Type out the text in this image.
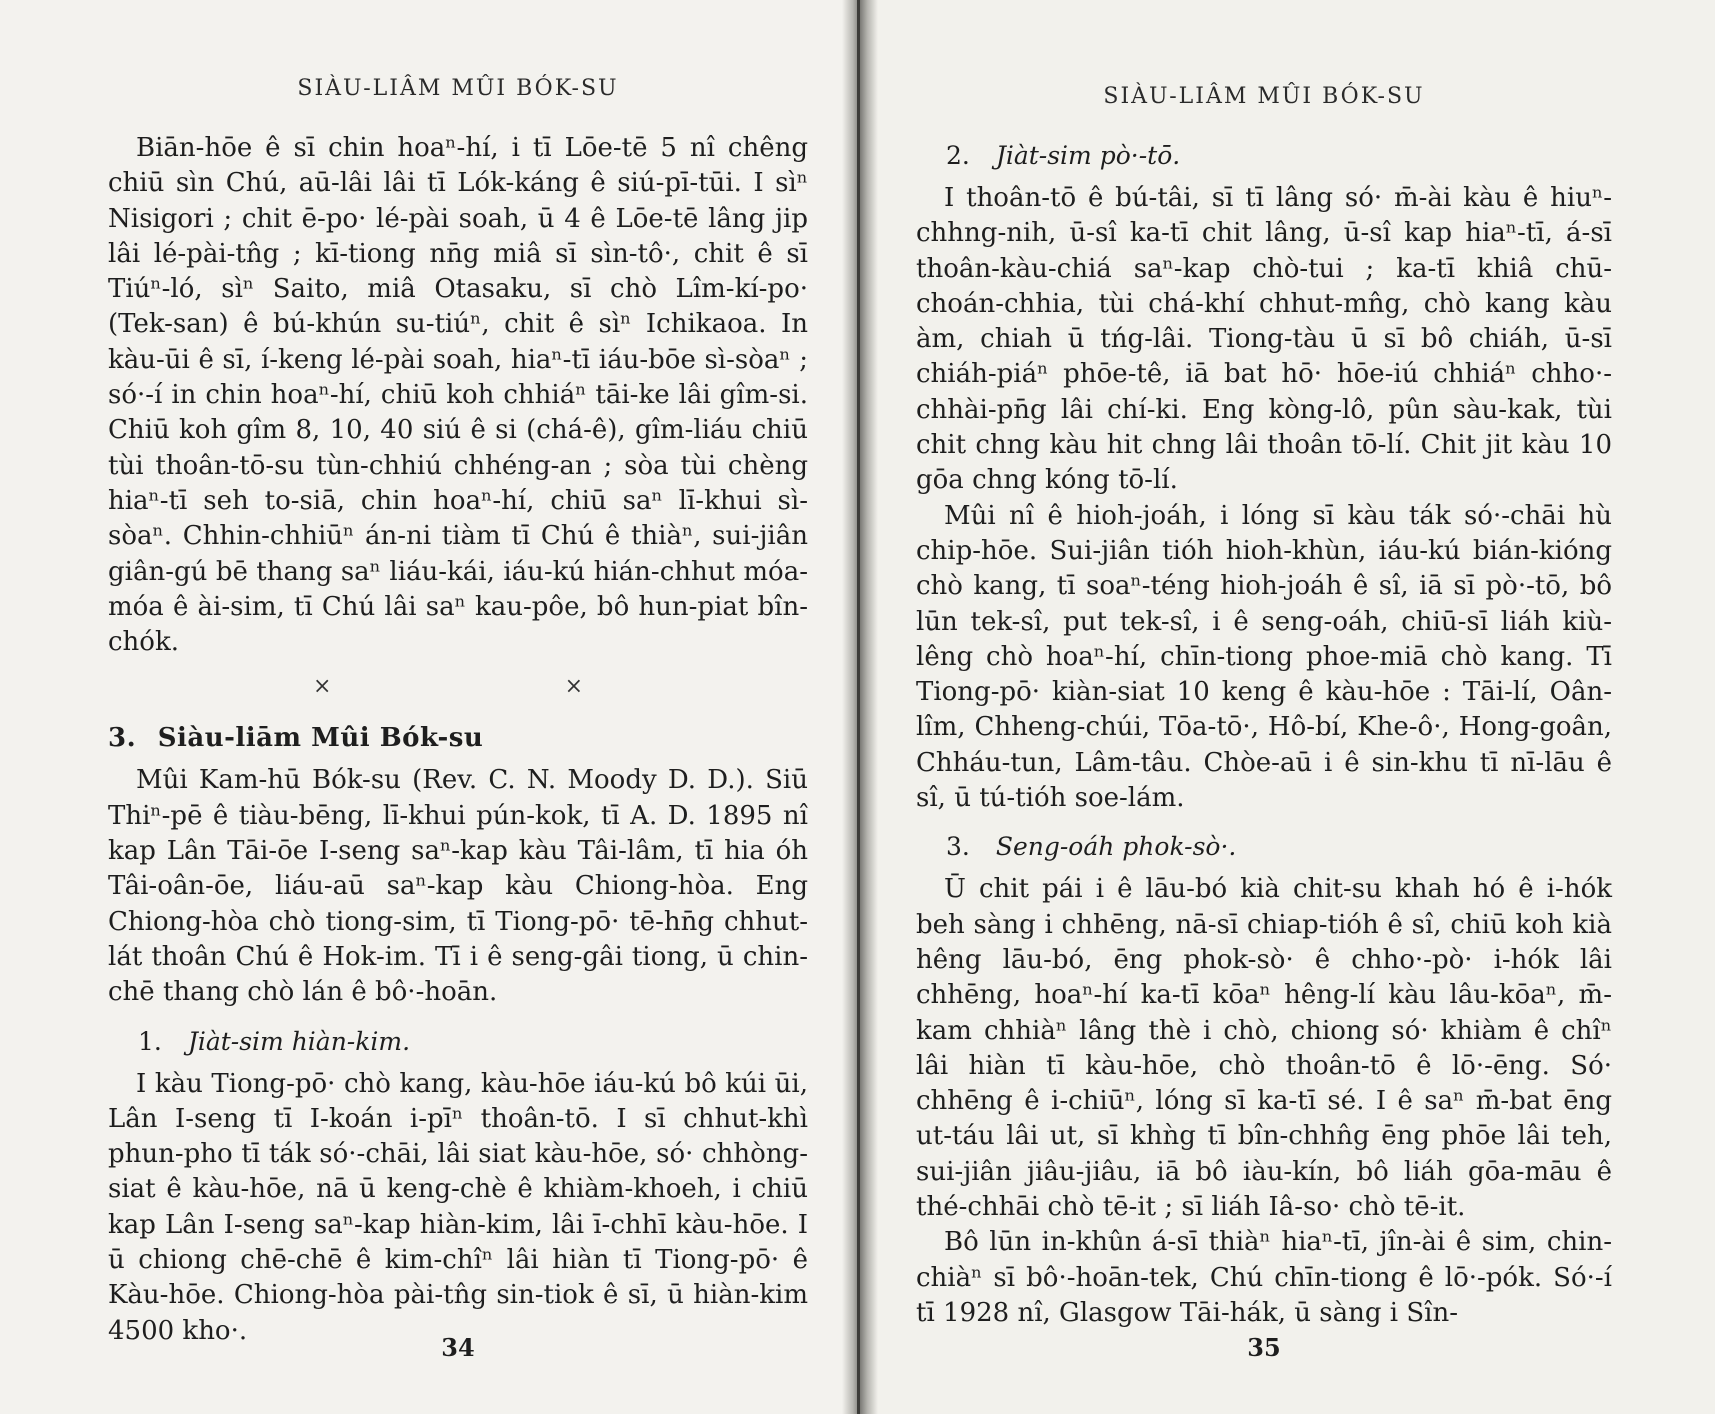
SIÀU-LIÂM MÛI BÓK-SU

Biān-hōe ê sī chin hoaⁿ-hí, i tī Lōe-tē 5 nî chêng chiū sìn Chú, aū-lâi lâi tī Lók-káng ê siú-pī-tūi. I sìⁿ Nisigori ; chit ē-po· lé-pài soah, ū 4 ê Lōe-tē lâng jip lâi lé-pài-tn̂g ; kī-tiong nn̄g miâ sī sìn-tô·, chit ê sī Tiúⁿ-ló, sìⁿ Saito, miâ Otasaku, sī chò Lîm-kí-po· (Tek-san) ê bú-khún su-tiúⁿ, chit ê sìⁿ Ichikaoa. In kàu-ūi ê sī, í-keng lé-pài soah, hiaⁿ-tī iáu-bōe sì-sòaⁿ ; só·-í in chin hoaⁿ-hí, chiū koh chhiáⁿ tāi-ke lâi gîm-si. Chiū koh gîm 8, 10, 40 siú ê si (chá-ê), gîm-liáu chiū tùi thoân-tō-su tùn-chhiú chhéng-an ; sòa tùi chèng hiaⁿ-tī seh to-siā, chin hoaⁿ-hí, chiū saⁿ lī-khui sì-sòaⁿ. Chhin-chhiūⁿ án-ni tiàm tī Chú ê thiàⁿ, sui-jiân giân-gú bē thang saⁿ liáu-kái, iáu-kú hián-chhut móa-móa ê ài-sim, tī Chú lâi saⁿ kau-pôe, bô hun-piat bîn-chók.

×	×
3. Siàu-liām Mûi Bók-su

Mûi Kam-hū Bók-su (Rev. C. N. Moody D. D.). Siū Thiⁿ-pē ê tiàu-bēng, lī-khui pún-kok, tī A. D. 1895 nî kap Lân Tāi-ōe I-seng saⁿ-kap kàu Tâi-lâm, tī hia óh Tâi-oân-ōe, liáu-aū saⁿ-kap kàu Chiong-hòa. Eng Chiong-hòa chò tiong-sim, tī Tiong-pō· tē-hn̄g chhut-lát thoân Chú ê Hok-im. Tī i ê seng-gâi tiong, ū chin-chē thang chò lán ê bô·-hoān.

1. Jiàt-sim hiàn-kim.

I kàu Tiong-pō· chò kang, kàu-hōe iáu-kú bô kúi ūi, Lân I-seng tī I-koán i-pīⁿ thoân-tō. I sī chhut-khì phun-pho tī ták só·-chāi, lâi siat kàu-hōe, só· chhòng-siat ê kàu-hōe, nā ū keng-chè ê khiàm-khoeh, i chiū kap Lân I-seng saⁿ-kap hiàn-kim, lâi ī-chhī kàu-hōe. I ū chiong chē-chē ê kim-chîⁿ lâi hiàn tī Tiong-pō· ê Kàu-hōe. Chiong-hòa pài-tn̂g sin-tiok ê sī, ū hiàn-kim 4500 kho·.

34
SIÀU-LIÂM MÛI BÓK-SU
2. Jiàt-sim pò·-tō.

I thoân-tō ê bú-tâi, sī tī lâng só· m̄-ài kàu ê hiuⁿ-chhng-nih, ū-sî ka-tī chit lâng, ū-sî kap hiaⁿ-tī, á-sī thoân-kàu-chiá saⁿ-kap chò-tui ; ka-tī khiâ chū-choán-chhia, tùi chá-khí chhut-mn̂g, chò kang kàu àm, chiah ū tńg-lâi. Tiong-tàu ū sī bô chiáh, ū-sī chiáh-piáⁿ phōe-tê, iā bat hō· hōe-iú chhiáⁿ chho·-chhài-pn̄g lâi chí-ki. Eng kòng-lô, pûn sàu-kak, tùi chit chng kàu hit chng lâi thoân tō-lí. Chit jit kàu 10 gōa chng kóng tō-lí.

Mûi nî ê hioh-joáh, i lóng sī kàu ták só·-chāi hù chip-hōe. Sui-jiân tióh hioh-khùn, iáu-kú bián-kióng chò kang, tī soaⁿ-téng hioh-joáh ê sî, iā sī pò·-tō, bô lūn tek-sî, put tek-sî, i ê seng-oáh, chiū-sī liáh kiù-lêng chò hoaⁿ-hí, chīn-tiong phoe-miā chò kang. Tī Tiong-pō· kiàn-siat 10 keng ê kàu-hōe : Tāi-lí, Oân-lîm, Chheng-chúi, Tōa-tō·, Hô-bí, Khe-ô·, Hong-goân, Chháu-tun, Lâm-tâu. Chòe-aū i ê sin-khu tī nī-lāu ê sî, ū tú-tióh soe-lám.

3. Seng-oáh phok-sò·.

Ū chit pái i ê lāu-bó kià chit-su khah hó ê i-hók beh sàng i chhēng, nā-sī chiap-tióh ê sî, chiū koh kià hêng lāu-bó, ēng phok-sò· ê chho·-pò· i-hók lâi chhēng, hoaⁿ-hí ka-tī kōaⁿ hêng-lí kàu lâu-kōaⁿ, m̄-kam chhiàⁿ lâng thè i chò, chiong só· khiàm ê chîⁿ lâi hiàn tī kàu-hōe, chò thoân-tō ê lō·-ēng. Só· chhēng ê i-chiūⁿ, lóng sī ka-tī sé. I ê saⁿ m̄-bat ēng ut-táu lâi ut, sī khǹg tī bîn-chhn̂g ēng phōe lâi teh, sui-jiân jiâu-jiâu, iā bô iàu-kín, bô liáh gōa-māu ê thé-chhāi chò tē-it ; sī liáh Iâ-so· chò tē-it.

Bô lūn in-khûn á-sī thiàⁿ hiaⁿ-tī, jîn-ài ê sim, chin-chiàⁿ sī bô·-hoān-tek, Chú chīn-tiong ê lō·-pók. Só·-í tī 1928 nî, Glasgow Tāi-hák, ū sàng i Sîn-

35
